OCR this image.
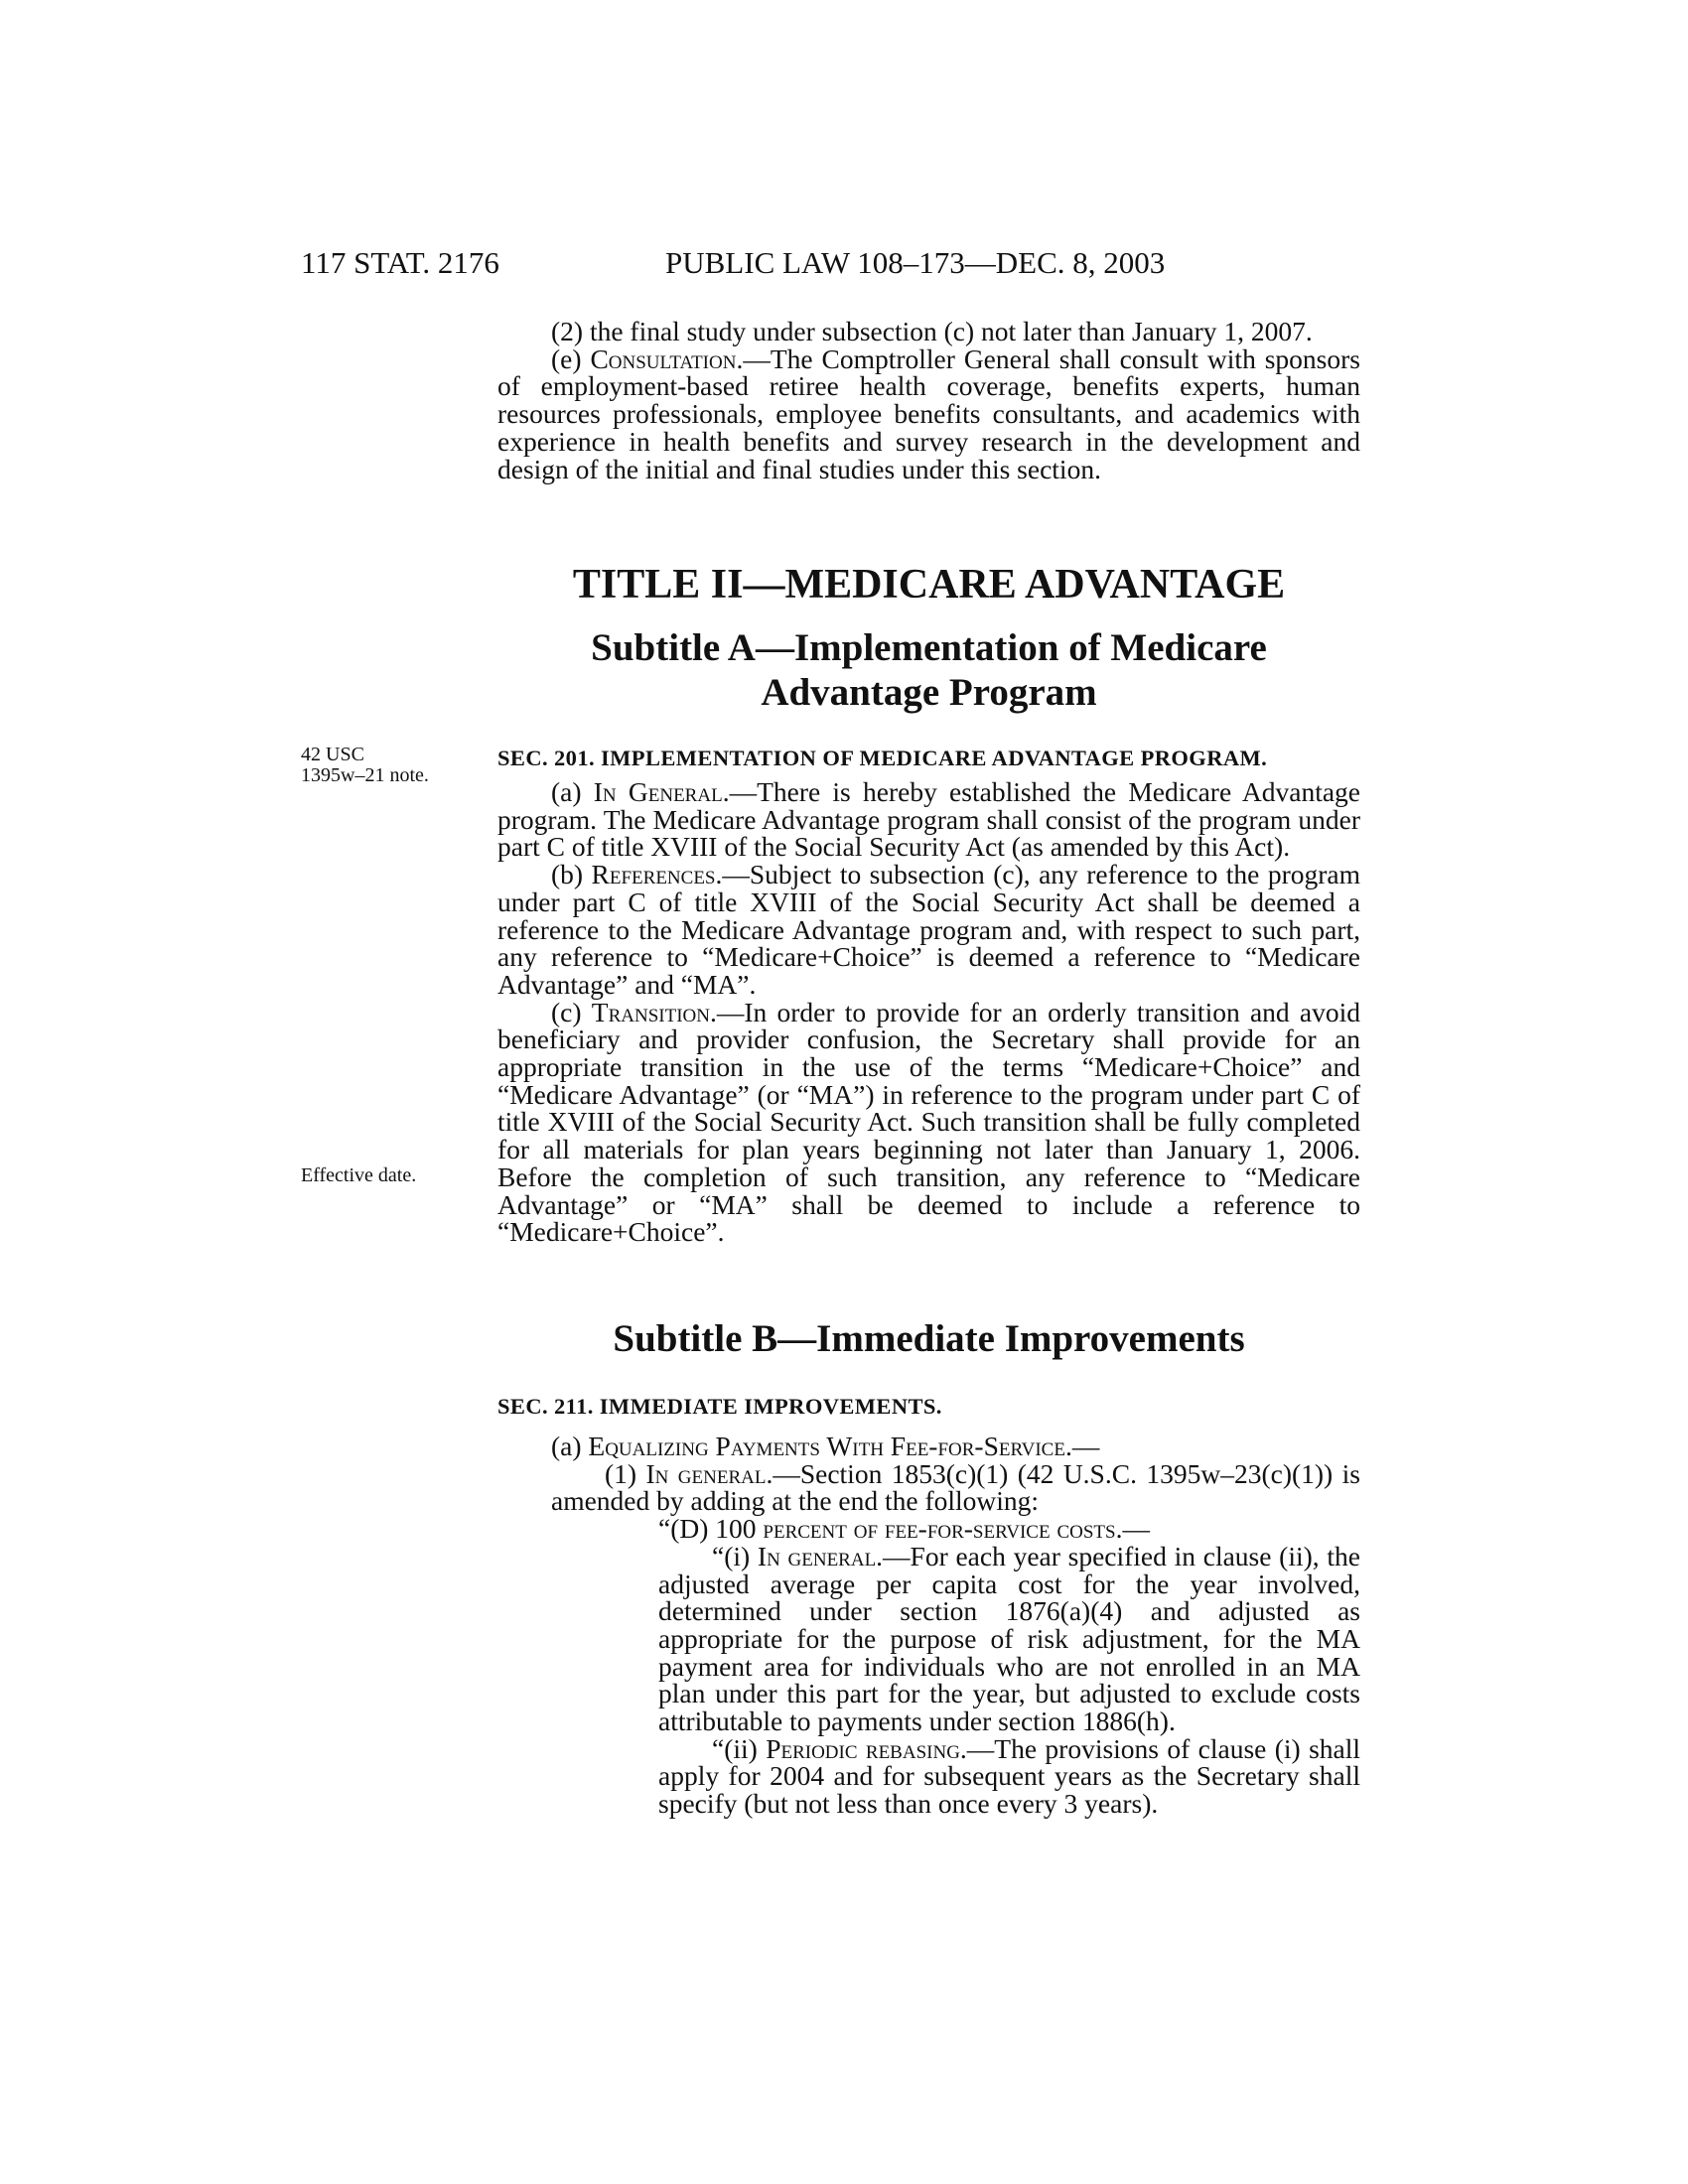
117 STAT. 2176	PUBLIC LAW 108–173—DEC. 8, 2003

(2) the final study under subsection (c) not later than January 1, 2007.

(e) Consultation.—The Comptroller General shall consult with sponsors of employment-based retiree health coverage, benefits experts, human resources professionals, employee benefits consultants, and academics with experience in health benefits and survey research in the development and design of the initial and final studies under this section.

TITLE II—MEDICARE ADVANTAGE
Subtitle A—Implementation of Medicare
Advantage Program
42 USC
1395w–21 note.
Effective date.
SEC. 201. IMPLEMENTATION OF MEDICARE ADVANTAGE PROGRAM.

(a) In General.—There is hereby established the Medicare Advantage program. The Medicare Advantage program shall consist of the program under part C of title XVIII of the Social Security Act (as amended by this Act).

(b) References.—Subject to subsection (c), any reference to the program under part C of title XVIII of the Social Security Act shall be deemed a reference to the Medicare Advantage program and, with respect to such part, any reference to “Medicare+Choice” is deemed a reference to “Medicare Advantage” and “MA”.

(c) Transition.—In order to provide for an orderly transition and avoid beneficiary and provider confusion, the Secretary shall provide for an appropriate transition in the use of the terms “Medicare+Choice” and “Medicare Advantage” (or “MA”) in reference to the program under part C of title XVIII of the Social Security Act. Such transition shall be fully completed for all materials for plan years beginning not later than January 1, 2006. Before the completion of such transition, any reference to “Medicare Advantage” or “MA” shall be deemed to include a reference to “Medicare+Choice”.

Subtitle B—Immediate Improvements
SEC. 211. IMMEDIATE IMPROVEMENTS.

(a) Equalizing Payments With Fee-for-Service.—

(1) In general.—Section 1853(c)(1) (42 U.S.C. 1395w–23(c)(1)) is amended by adding at the end the following:

“(D) 100 percent of fee-for-service costs.—

“(i) In general.—For each year specified in clause (ii), the adjusted average per capita cost for the year involved, determined under section 1876(a)(4) and adjusted as appropriate for the purpose of risk adjustment, for the MA payment area for individuals who are not enrolled in an MA plan under this part for the year, but adjusted to exclude costs attributable to payments under section 1886(h).

“(ii) Periodic rebasing.—The provisions of clause (i) shall apply for 2004 and for subsequent years as the Secretary shall specify (but not less than once every 3 years).
